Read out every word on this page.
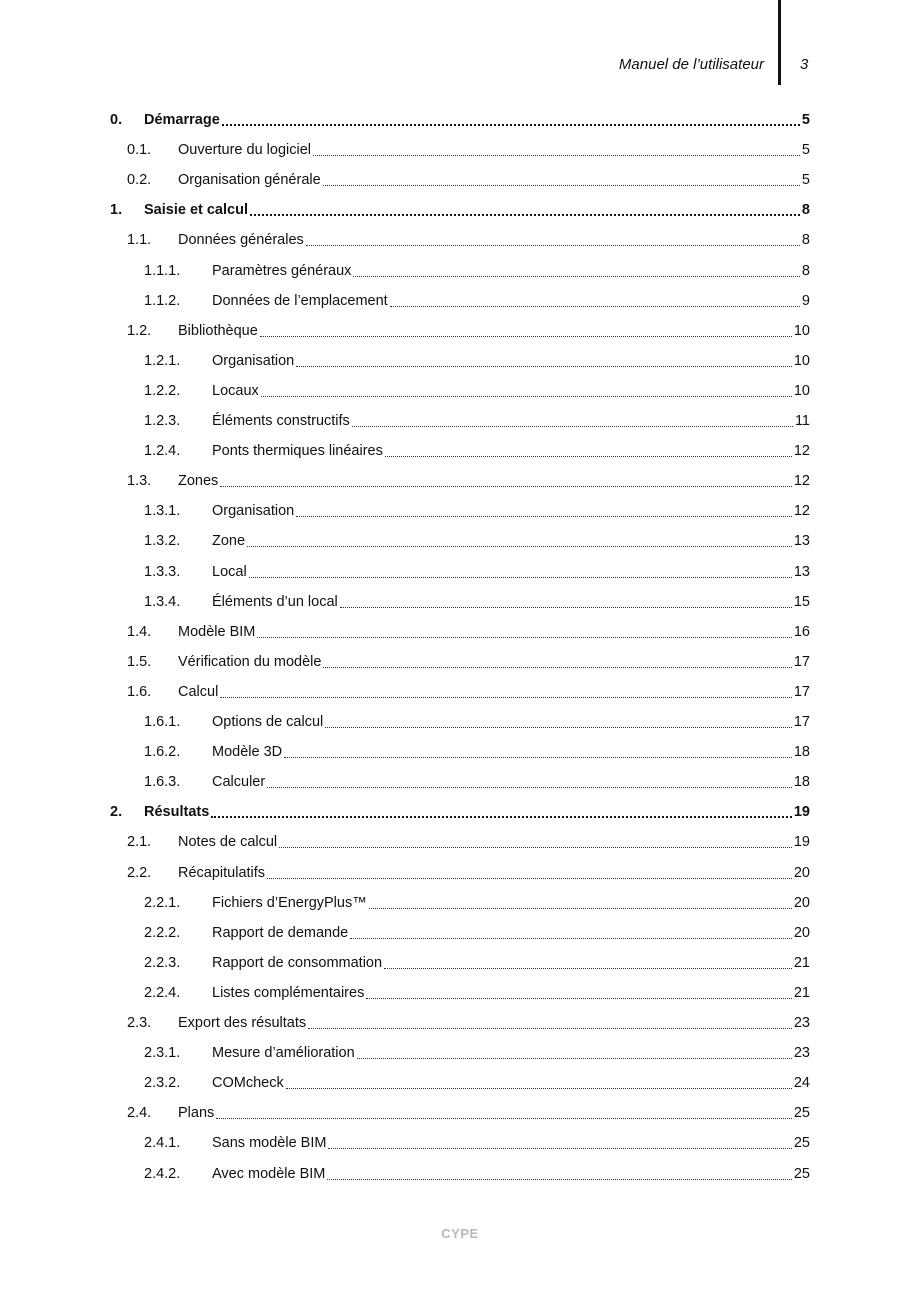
Manuel de l’utilisateur 3
0.	Démarrage	5
0.1.	Ouverture du logiciel	5
0.2.	Organisation générale	5
1.	Saisie et calcul	8
1.1.	Données générales	8
1.1.1.	Paramètres généraux	8
1.1.2.	Données de l’emplacement	9
1.2.	Bibliothèque	10
1.2.1.	Organisation	10
1.2.2.	Locaux	10
1.2.3.	Éléments constructifs	11
1.2.4.	Ponts thermiques linéaires	12
1.3.	Zones	12
1.3.1.	Organisation	12
1.3.2.	Zone	13
1.3.3.	Local	13
1.3.4.	Éléments d’un local	15
1.4.	Modèle BIM	16
1.5.	Vérification du modèle	17
1.6.	Calcul	17
1.6.1.	Options de calcul	17
1.6.2.	Modèle 3D	18
1.6.3.	Calculer	18
2.	Résultats	19
2.1.	Notes de calcul	19
2.2.	Récapitulatifs	20
2.2.1.	Fichiers d’EnergyPlus™	20
2.2.2.	Rapport de demande	20
2.2.3.	Rapport de consommation	21
2.2.4.	Listes complémentaires	21
2.3.	Export des résultats	23
2.3.1.	Mesure d’amélioration	23
2.3.2.	COMcheck	24
2.4.	Plans	25
2.4.1.	Sans modèle BIM	25
2.4.2.	Avec modèle BIM	25
CYPE
